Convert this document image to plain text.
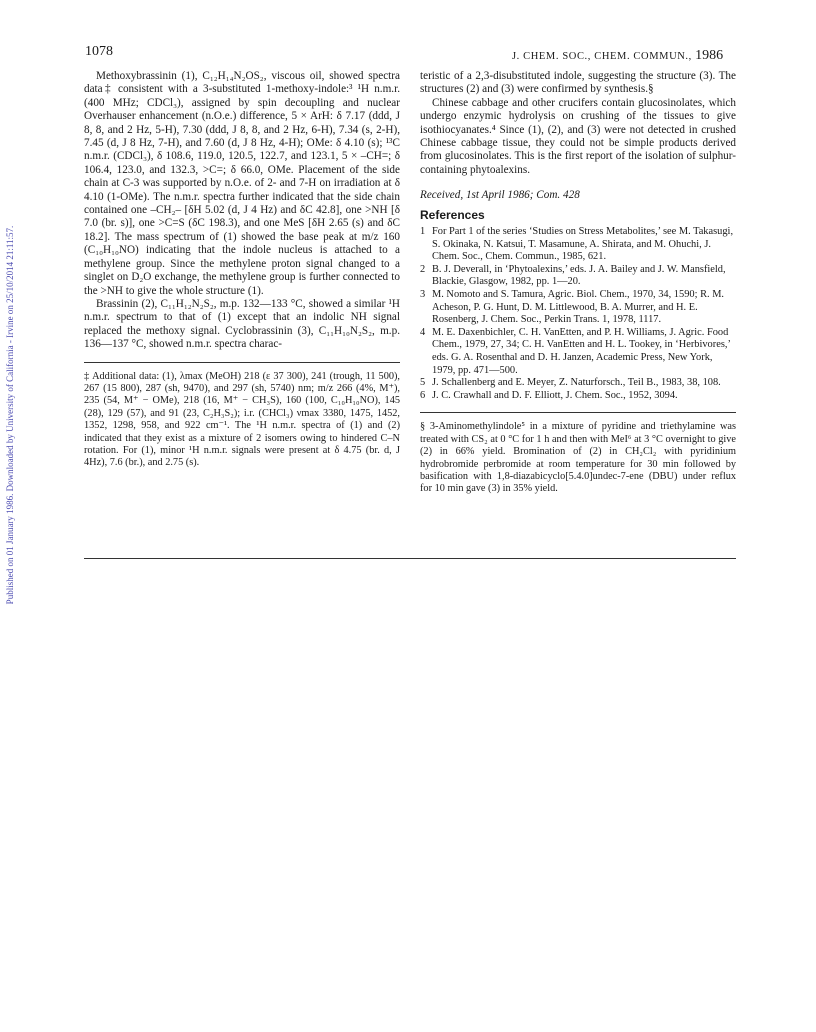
Published on 01 January 1986. Downloaded by University of California - Irvine on 25/10/2014 21:11:57.
1078	J. CHEM. SOC., CHEM. COMMUN., 1986

Methoxybrassinin (1), C₁₂H₁₄N₂OS₂, viscous oil, showed spectra data‡ consistent with a 3-substituted 1-methoxy-indole:³ ¹H n.m.r. (400 MHz; CDCl₃), assigned by spin decoupling and nuclear Overhauser enhancement (n.O.e.) difference, 5 × ArH: δ 7.17 (ddd, J 8, 8, and 2 Hz, 5-H), 7.30 (ddd, J 8, 8, and 2 Hz, 6-H), 7.34 (s, 2-H), 7.45 (d, J 8 Hz, 7-H), and 7.60 (d, J 8 Hz, 4-H); OMe: δ 4.10 (s); ¹³C n.m.r. (CDCl₃), δ 108.6, 119.0, 120.5, 122.7, and 123.1, 5 × –CH=; δ 106.4, 123.0, and 132.3, >C=; δ 66.0, OMe. Placement of the side chain at C-3 was supported by n.O.e. of 2- and 7-H on irradiation at δ 4.10 (1-OMe). The n.m.r. spectra further indicated that the side chain contained one –CH₂– [δH 5.02 (d, J 4 Hz) and δC 42.8], one >NH [δ 7.0 (br. s)], one >C=S (δC 198.3), and one MeS [δH 2.65 (s) and δC 18.2]. The mass spectrum of (1) showed the base peak at m/z 160 (C₁₀H₁₀NO) indicating that the indole nucleus is attached to a methylene group. Since the methylene proton signal changed to a singlet on D₂O exchange, the methylene group is further connected to the >NH to give the whole structure (1).

Brassinin (2), C₁₁H₁₂N₂S₂, m.p. 132—133 °C, showed a similar ¹H n.m.r. spectrum to that of (1) except that an indolic NH signal replaced the methoxy signal. Cyclobrassinin (3), C₁₁H₁₀N₂S₂, m.p. 136—137 °C, showed n.m.r. spectra charac-

‡ Additional data: (1), λmax (MeOH) 218 (ε 37 300), 241 (trough, 11 500), 267 (15 800), 287 (sh, 9470), and 297 (sh, 5740) nm; m/z 266 (4%, M⁺), 235 (54, M⁺ − OMe), 218 (16, M⁺ − CH₃S), 160 (100, C₁₀H₁₀NO), 145 (28), 129 (57), and 91 (23, C₂H₃S₂); i.r. (CHCl₃) νmax 3380, 1475, 1452, 1352, 1298, 958, and 922 cm⁻¹. The ¹H n.m.r. spectra of (1) and (2) indicated that they exist as a mixture of 2 isomers owing to hindered C–N rotation. For (1), minor ¹H n.m.r. signals were present at δ 4.75 (br. d, J 4Hz), 7.6 (br.), and 2.75 (s).

teristic of a 2,3-disubstituted indole, suggesting the structure (3). The structures (2) and (3) were confirmed by synthesis.§

Chinese cabbage and other crucifers contain glucosinolates, which undergo enzymic hydrolysis on crushing of the tissues to give isothiocyanates.⁴ Since (1), (2), and (3) were not detected in crushed Chinese cabbage tissue, they could not be simple products derived from glucosinolates. This is the first report of the isolation of sulphur-containing phytoalexins.

Received, 1st April 1986; Com. 428
References
1 For Part 1 of the series ‘Studies on Stress Metabolites,’ see M. Takasugi, S. Okinaka, N. Katsui, T. Masamune, A. Shirata, and M. Ohuchi, J. Chem. Soc., Chem. Commun., 1985, 621.
2 B. J. Deverall, in ‘Phytoalexins,’ eds. J. A. Bailey and J. W. Mansfield, Blackie, Glasgow, 1982, pp. 1—20.
3 M. Nomoto and S. Tamura, Agric. Biol. Chem., 1970, 34, 1590; R. M. Acheson, P. G. Hunt, D. M. Littlewood, B. A. Murrer, and H. E. Rosenberg, J. Chem. Soc., Perkin Trans. 1, 1978, 1117.
4 M. E. Daxenbichler, C. H. VanEtten, and P. H. Williams, J. Agric. Food Chem., 1979, 27, 34; C. H. VanEtten and H. L. Tookey, in ‘Herbivores,’ eds. G. A. Rosenthal and D. H. Janzen, Academic Press, New York, 1979, pp. 471—500.
5 J. Schallenberg and E. Meyer, Z. Naturforsch., Teil B., 1983, 38, 108.
6 J. C. Crawhall and D. F. Elliott, J. Chem. Soc., 1952, 3094.
§ 3-Aminomethylindole⁵ in a mixture of pyridine and triethylamine was treated with CS₂ at 0 °C for 1 h and then with MeI⁶ at 3 °C overnight to give (2) in 66% yield. Bromination of (2) in CH₂Cl₂ with pyridinium hydrobromide perbromide at room temperature for 30 min followed by basification with 1,8-diazabicyclo[5.4.0]undec-7-ene (DBU) under reflux for 10 min gave (3) in 35% yield.
